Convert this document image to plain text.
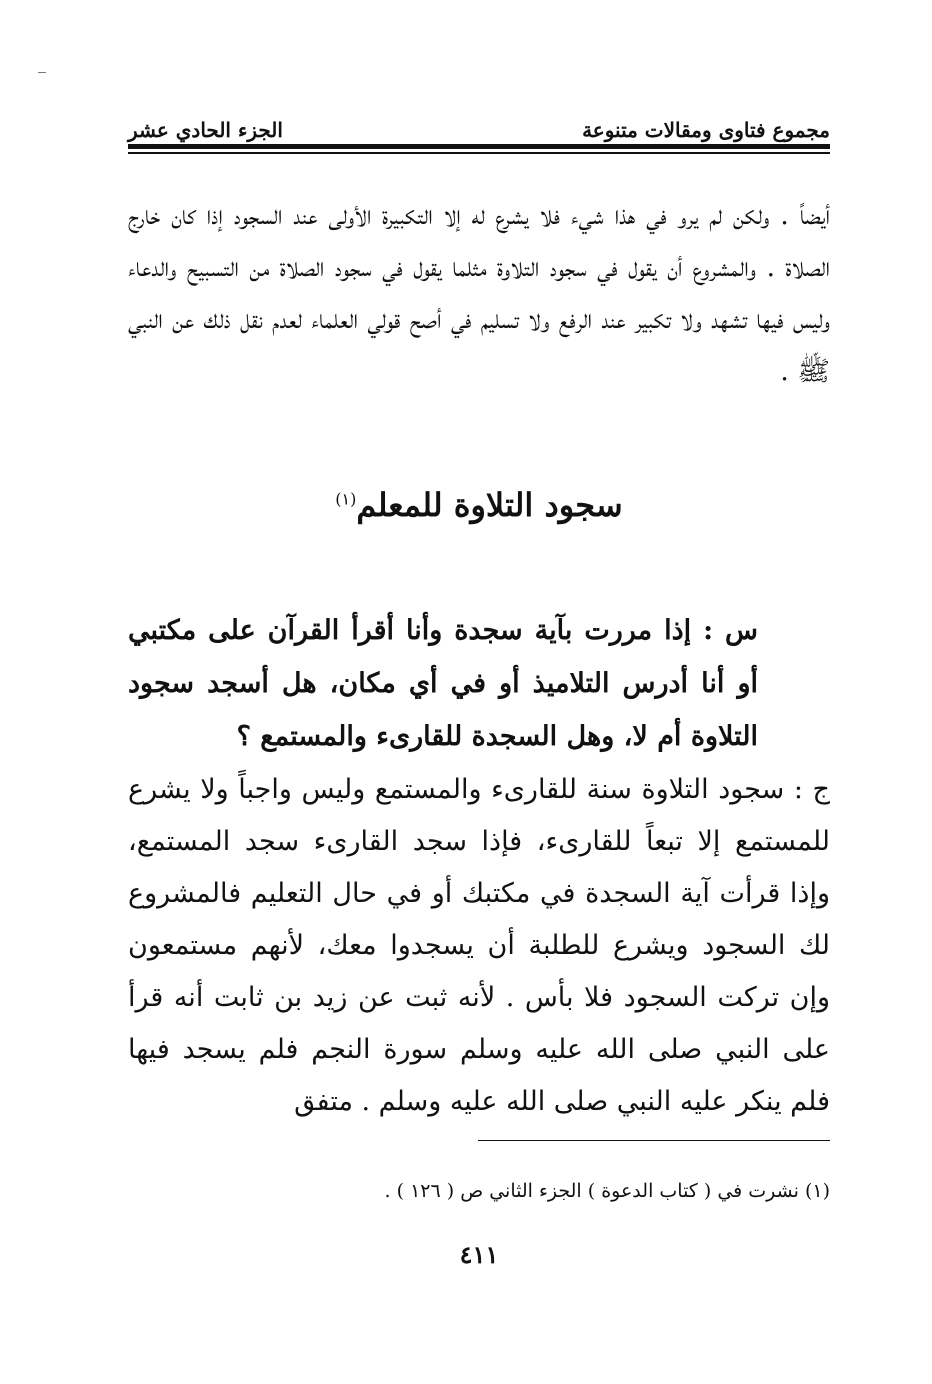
مجموع فتاوى ومقالات متنوعة
الجزء الحادي عشر
أيضاً . ولكن لم يرو في هذا شيء فلا يشرع له إلا التكبيرة الأولى عند السجود إذا كان خارج الصلاة . والمشروع أن يقول في سجود التلاوة مثلما يقول في سجود الصلاة من التسبيح والدعاء وليس فيها تشهد ولا تكبير عند الرفع ولا تسليم في أصح قولي العلماء لعدم نقل ذلك عن النبي ﷺ .
سجود التلاوة للمعلم$^{(١)}$
س : إذا مررت بآية سجدة وأنا أقرأ القرآن على مكتبي أو أنا أدرس التلاميذ أو في أي مكان، هل أسجد سجود التلاوة أم لا، وهل السجدة للقارىء والمستمع ؟
ج : سجود التلاوة سنة للقارىء والمستمع وليس واجباً ولا يشرع للمستمع إلا تبعاً للقارىء، فإذا سجد القارىء سجد المستمع، وإذا قرأت آية السجدة في مكتبك أو في حال التعليم فالمشروع لك السجود ويشرع للطلبة أن يسجدوا معك، لأنهم مستمعون وإن تركت السجود فلا بأس . لأنه ثبت عن زيد بن ثابت أنه قرأ على النبي صلى الله عليه وسلم سورة النجم فلم يسجد فيها فلم ينكر عليه النبي صلى الله عليه وسلم . متفق
(١) نشرت في ( كتاب الدعوة ) الجزء الثاني ص ( ١٢٦ ) .
٤١١
